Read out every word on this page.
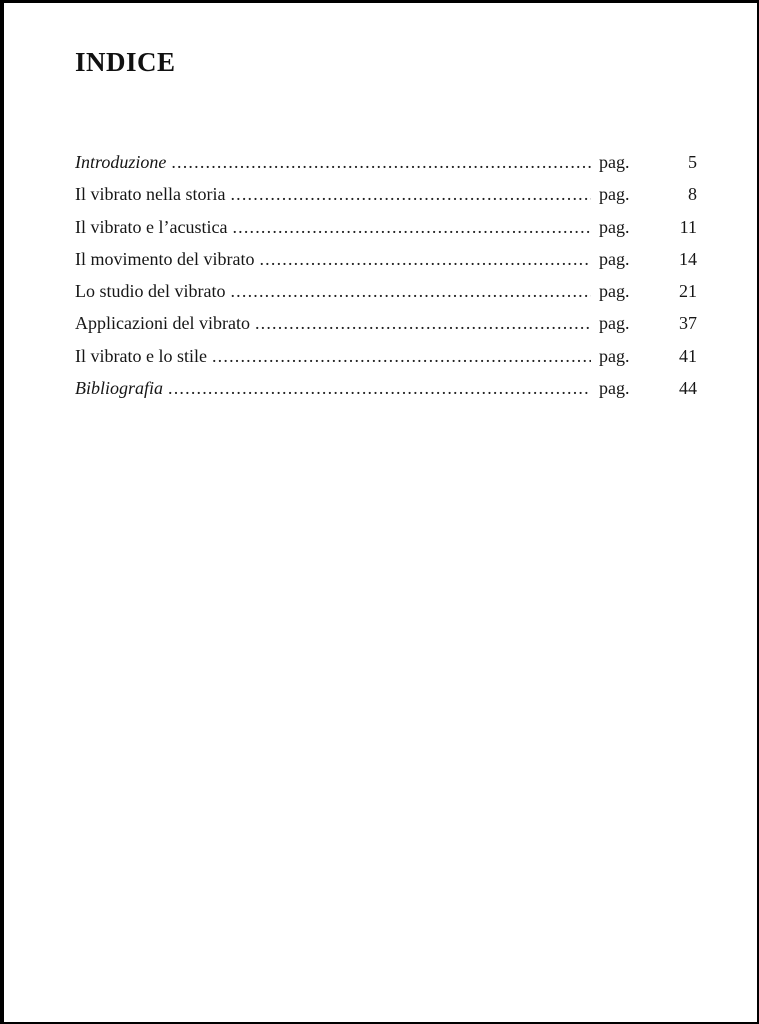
INDICE
Introduzione .....	pag.	5
Il vibrato nella storia .....	pag.	8
Il vibrato e l’acustica .....	pag.	11
Il movimento del vibrato .....	pag.	14
Lo studio del vibrato .....	pag.	21
Applicazioni del vibrato .....	pag.	37
Il vibrato e lo stile .....	pag.	41
Bibliografia .....	pag.	44
